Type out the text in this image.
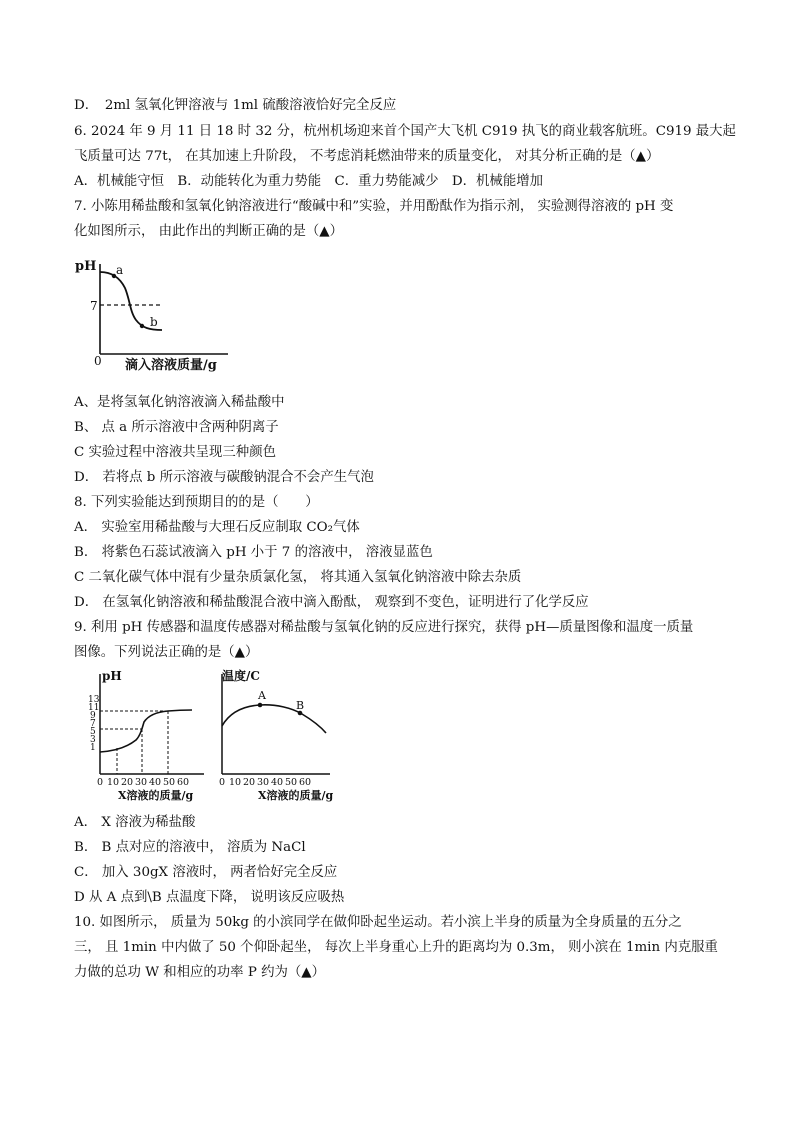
D．　2ml 氢氧化钾溶液与 1ml 硫酸溶液恰好完全反应
6. 2024 年 9 月 11 日 18 时 32 分，杭州机场迎来首个国产大飞机 C919 执飞的商业载客航班。C919 最大起
飞质量可达 77t， 在其加速上升阶段， 不考虑消耗燃油带来的质量变化， 对其分析正确的是（▲）
A．机械能守恒　B．动能转化为重力势能　C．重力势能减少　D．机械能增加
7. 小陈用稀盐酸和氢氧化钠溶液进行“酸碱中和”实验，并用酚酞作为指示剂， 实验测得溶液的 pH 变
化如图所示， 由此作出的判断正确的是（▲）
pH
7
0 滴入溶液质量/g
a
b
A、是将氢氧化钠溶液滴入稀盐酸中
B、 点 a 所示溶液中含两种阴离子
C 实验过程中溶液共呈现三种颜色
D． 若将点 b 所示溶液与碳酸钠混合不会产生气泡
8. 下列实验能达到预期目的的是（　　）
A． 实验室用稀盐酸与大理石反应制取 CO₂气体
B． 将紫色石蕊试液滴入 pH 小于 7 的溶液中， 溶液显蓝色
C 二氧化碳气体中混有少量杂质氯化氢， 将其通入氢氧化钠溶液中除去杂质
D． 在氢氧化钠溶液和稀盐酸混合液中滴入酚酞， 观察到不变色，证明进行了化学反应
9. 利用 pH 传感器和温度传感器对稀盐酸与氢氧化钠的反应进行探究，获得 pH—质量图像和温度一质量
图像。下列说法正确的是（▲）
pH
13
11
9
7
5
3
1
0 10 20 30 40 50 60
X溶液的质量/g
温度/C
A
B
0 10 20 30 40 50 60
X溶液的质量/g
A． X 溶液为稀盐酸
B． B 点对应的溶液中， 溶质为 NaCl
C． 加入 30gX 溶液时， 两者恰好完全反应
D 从 A 点到\B 点温度下降， 说明该反应吸热
10. 如图所示， 质量为 50kg 的小滨同学在做仰卧起坐运动。若小滨上半身的质量为全身质量的五分之
三， 且 1min 中内做了 50 个仰卧起坐， 每次上半身重心上升的距离均为 0.3m， 则小滨在 1min 内克服重
力做的总功 W 和相应的功率 P 约为（▲）
